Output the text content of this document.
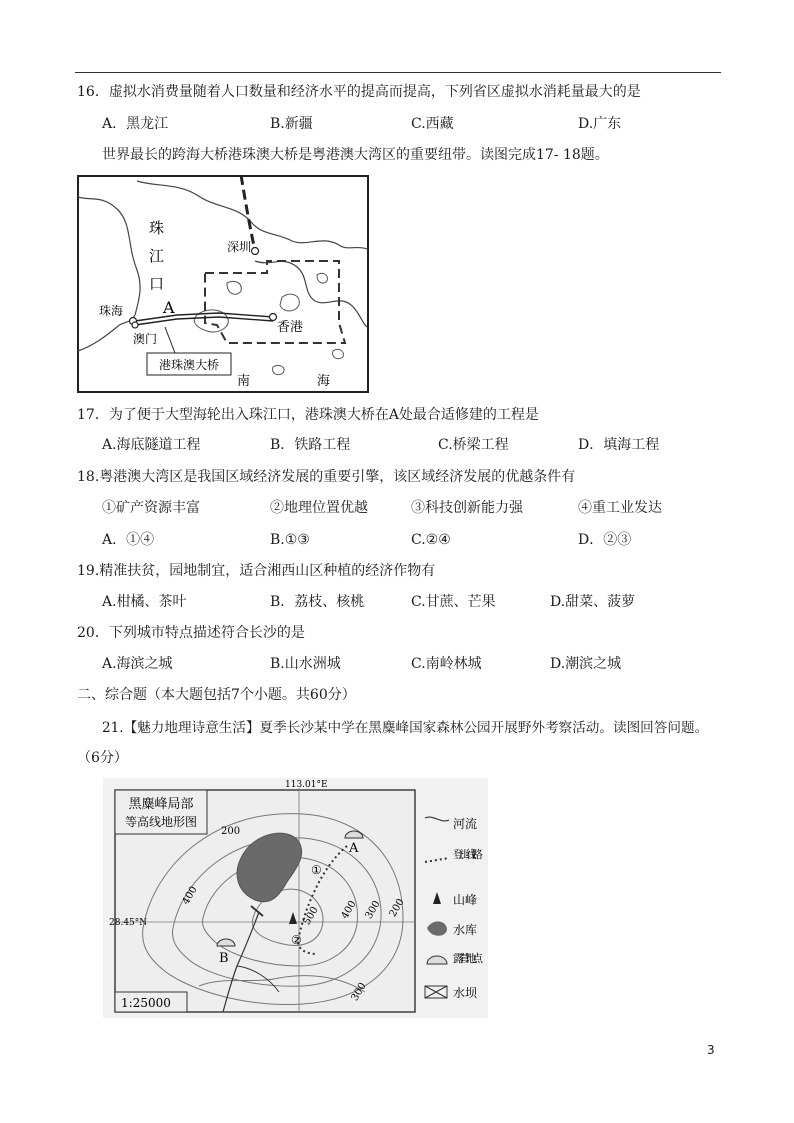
16．虚拟水消费量随着人口数量和经济水平的提高而提高，下列省区虚拟水消耗量最大的是
A．黑龙江	B.新疆	C.西藏	D.广东
世界最长的跨海大桥港珠澳大桥是粤港澳大湾区的重要纽带。读图完成17- 18题。
港珠澳大桥
珠
江
口
深圳
珠海 A
澳门
香港
南	海
17．为了便于大型海轮出入珠江口，港珠澳大桥在A处最合适修建的工程是
A.海底隧道工程	B．铁路工程	C.桥梁工程	D．填海工程
18.粤港澳大湾区是我国区域经济发展的重要引擎，该区域经济发展的优越条件有
①矿产资源丰富	②地理位置优越	③科技创新能力强	④重工业发达
A．①④	B.①③	C.②④	D．②③
19.精准扶贫，园地制宜，适合湘西山区种植的经济作物有
A.柑橘、茶叶	B．荔枝、核桃	C.甘蔗、芒果	D.甜菜、菠萝
20．下列城市特点描述符合长沙的是
A.海滨之城	B.山水洲城	C.南岭林城	D.潮滨之城
二、综合题（本大题包括7个小题。共60分）
21.【魅力地理诗意生活】夏季长沙某中学在黑麋峰国家森林公园开展野外考察活动。读图回答问题。
（6分）
黑麋峰局部
等高线地形图
113.01°E
28.45°N
A
B
①
②
200
400
500 400 300 200
300
1:25000
河流
登山线路
山峰
水库
露营地点
水坝
3
